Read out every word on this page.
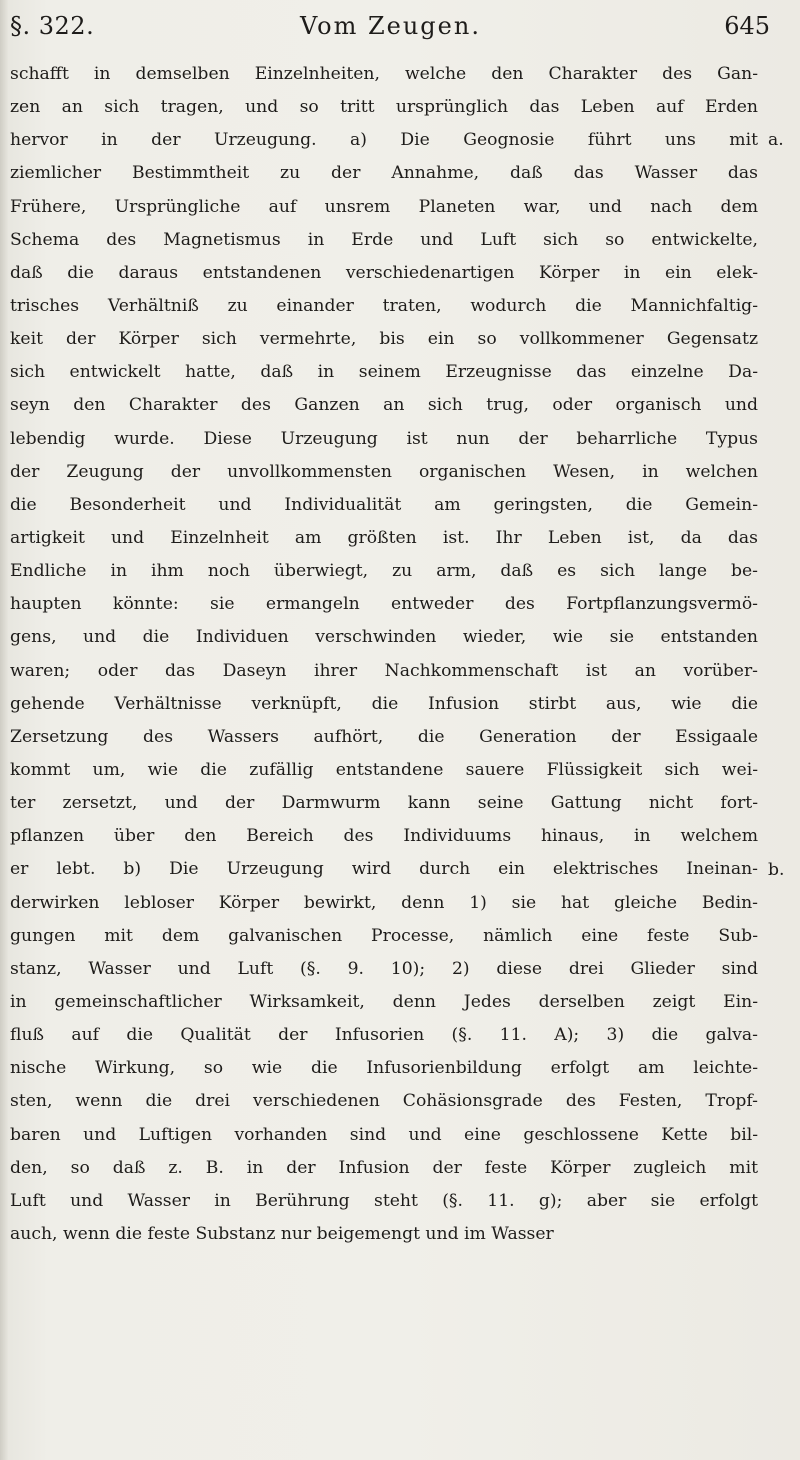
§. 322.	Vom Zeugen.	645
schafft in demselben Einzelnheiten, welche den Charakter des Gan-
zen an sich tragen, und so tritt ursprünglich das Leben auf Erden
hervor in der Urzeugung. a) Die Geognosie führt uns mit
ziemlicher Bestimmtheit zu der Annahme, daß das Wasser das
Frühere, Ursprüngliche auf unsrem Planeten war, und nach dem
Schema des Magnetismus in Erde und Luft sich so entwickelte,
daß die daraus entstandenen verschiedenartigen Körper in ein elek-
trisches Verhältniß zu einander traten, wodurch die Mannichfaltig-
keit der Körper sich vermehrte, bis ein so vollkommener Gegensatz
sich entwickelt hatte, daß in seinem Erzeugnisse das einzelne Da-
seyn den Charakter des Ganzen an sich trug, oder organisch und
lebendig wurde. Diese Urzeugung ist nun der beharrliche Typus
der Zeugung der unvollkommensten organischen Wesen, in welchen
die Besonderheit und Individualität am geringsten, die Gemein-
artigkeit und Einzelnheit am größten ist. Ihr Leben ist, da das
Endliche in ihm noch überwiegt, zu arm, daß es sich lange be-
haupten könnte: sie ermangeln entweder des Fortpflanzungsvermö-
gens, und die Individuen verschwinden wieder, wie sie entstanden
waren; oder das Daseyn ihrer Nachkommenschaft ist an vorüber-
gehende Verhältnisse verknüpft, die Infusion stirbt aus, wie die
Zersetzung des Wassers aufhört, die Generation der Essigaale
kommt um, wie die zufällig entstandene sauere Flüssigkeit sich wei-
ter zersetzt, und der Darmwurm kann seine Gattung nicht fort-
pflanzen über den Bereich des Individuums hinaus, in welchem
er lebt. b) Die Urzeugung wird durch ein elektrisches Ineinan-
derwirken lebloser Körper bewirkt, denn 1) sie hat gleiche Bedin-
gungen mit dem galvanischen Processe, nämlich eine feste Sub-
stanz, Wasser und Luft (§. 9. 10); 2) diese drei Glieder sind
in gemeinschaftlicher Wirksamkeit, denn Jedes derselben zeigt Ein-
fluß auf die Qualität der Infusorien (§. 11. A); 3) die galva-
nische Wirkung, so wie die Infusorienbildung erfolgt am leichte-
sten, wenn die drei verschiedenen Cohäsionsgrade des Festen, Tropf-
baren und Luftigen vorhanden sind und eine geschlossene Kette bil-
den, so daß z. B. in der Infusion der feste Körper zugleich mit
Luft und Wasser in Berührung steht (§. 11. g); aber sie erfolgt
auch, wenn die feste Substanz nur beigemengt und im Wasser
a.
b.
